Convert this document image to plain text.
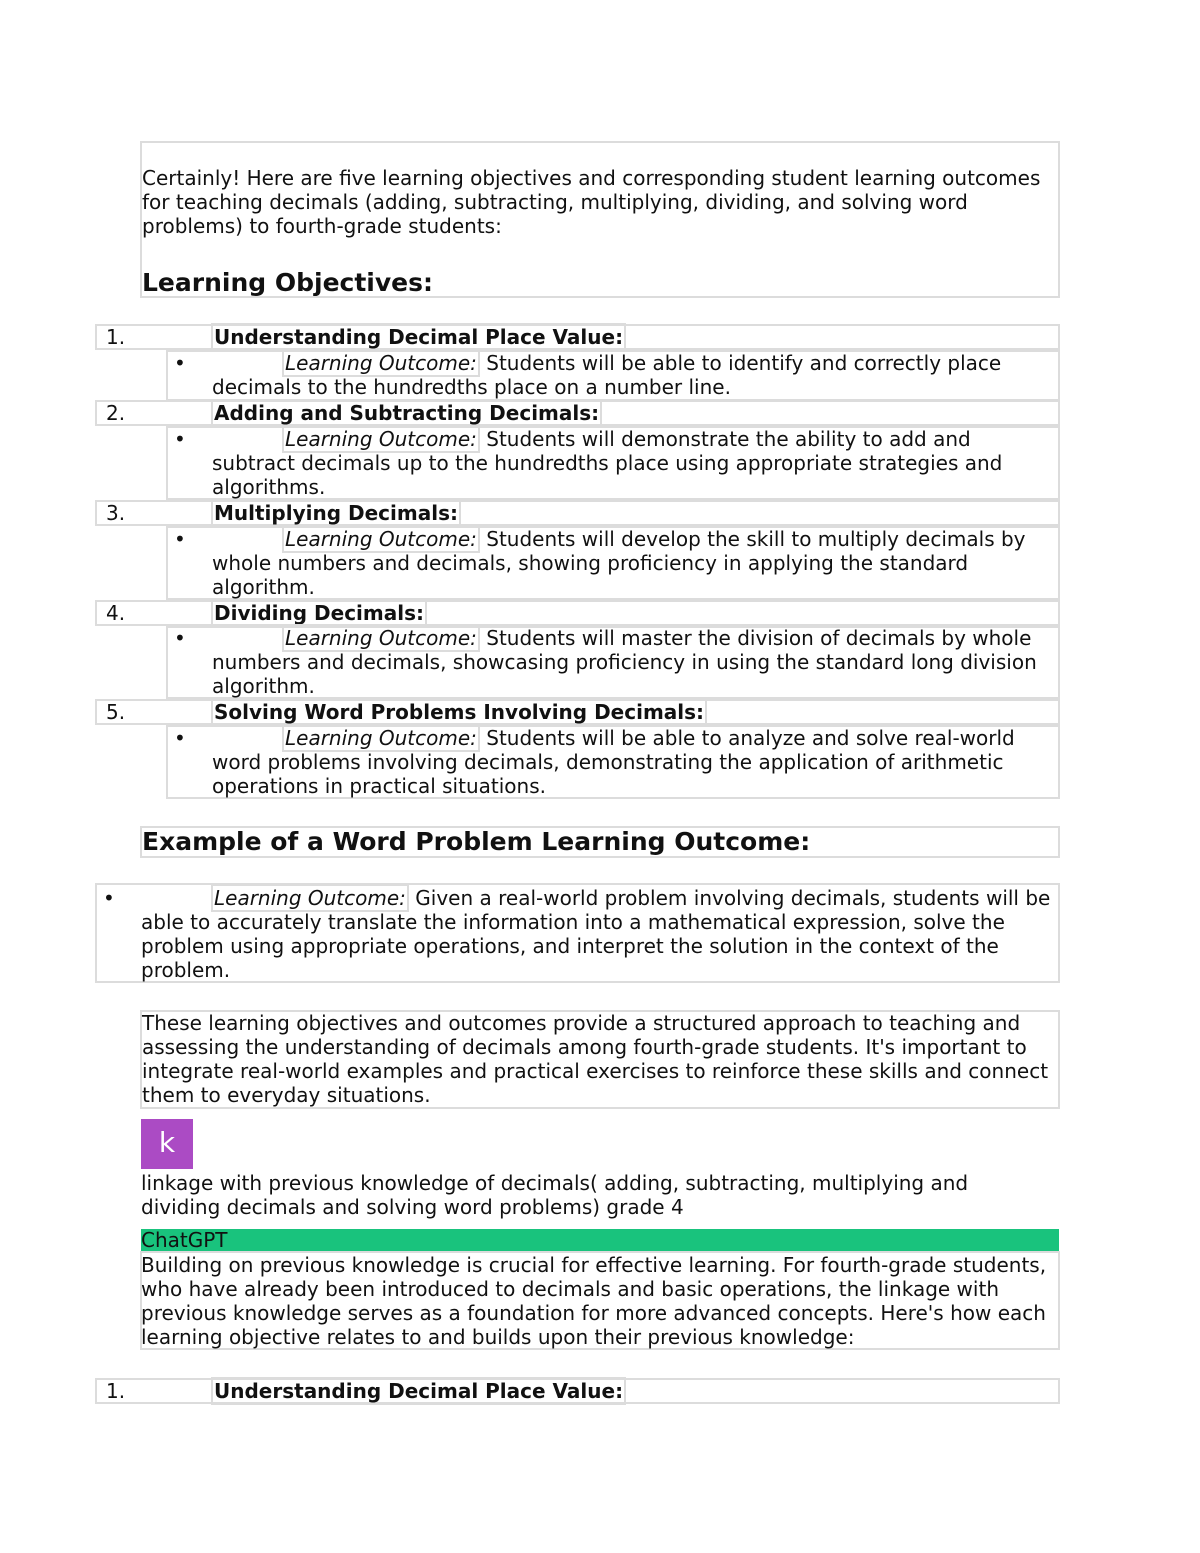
Certainly! Here are five learning objectives and corresponding student learning outcomes for teaching decimals (adding, subtracting, multiplying, dividing, and solving word problems) to fourth-grade students:
Learning Objectives:
1.	Understanding Decimal Place Value:
•	Learning Outcome: Students will be able to identify and correctly place decimals to the hundredths place on a number line.
2.	Adding and Subtracting Decimals:
•	Learning Outcome: Students will demonstrate the ability to add and subtract decimals up to the hundredths place using appropriate strategies and algorithms.
3.	Multiplying Decimals:
•	Learning Outcome: Students will develop the skill to multiply decimals by whole numbers and decimals, showing proficiency in applying the standard algorithm.
4.	Dividing Decimals:
•	Learning Outcome: Students will master the division of decimals by whole numbers and decimals, showcasing proficiency in using the standard long division algorithm.
5.	Solving Word Problems Involving Decimals:
•	Learning Outcome: Students will be able to analyze and solve real-world word problems involving decimals, demonstrating the application of arithmetic operations in practical situations.
Example of a Word Problem Learning Outcome:
•	Learning Outcome: Given a real-world problem involving decimals, students will be able to accurately translate the information into a mathematical expression, solve the problem using appropriate operations, and interpret the solution in the context of the problem.
These learning objectives and outcomes provide a structured approach to teaching and assessing the understanding of decimals among fourth-grade students. It's important to integrate real-world examples and practical exercises to reinforce these skills and connect them to everyday situations.
k
linkage with previous knowledge of decimals( adding, subtracting, multiplying and dividing decimals and solving word problems) grade 4
ChatGPT
Building on previous knowledge is crucial for effective learning. For fourth-grade students, who have already been introduced to decimals and basic operations, the linkage with previous knowledge serves as a foundation for more advanced concepts. Here's how each learning objective relates to and builds upon their previous knowledge:
1.	Understanding Decimal Place Value:
